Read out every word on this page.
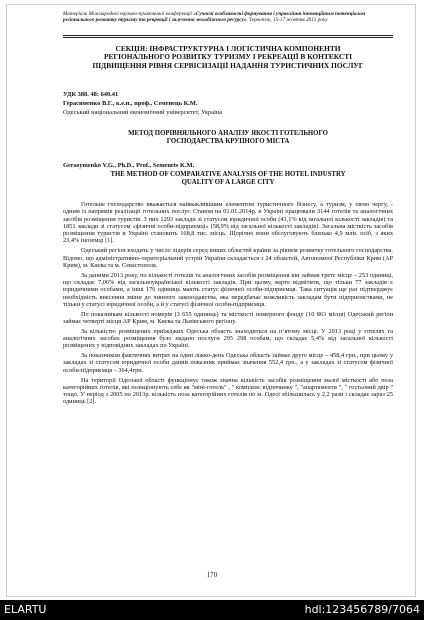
Матеріали Міжнародної науково-практичної конференції «Сучасні особливості формування і управління інноваційним потенціалом регіонального розвитку туризму та рекреації і залучення молодіжного ресурсу». Тернопіль, 15-17 жовтня 2015 року
СЕКЦІЯ: ІНФРАСТРУКТУРНА І ЛОГІСТИЧНА КОМПОНЕНТИ
РЕГІОНАЛЬНОГО РОЗВИТКУ ТУРИЗМУ І РЕКРЕАЦІЇ В КОНТЕКСТІ
ПІДВИЩЕННЯ РІВНЯ СЕРВІСИЗАЦІЇ НАДАННЯ ТУРИСТИЧНИХ ПОСЛУГ
УДК 388. 48: 640.41
Герасименко В.Г., к.е.н., проф., Семенець К.М.
Одеський національний економічний університет, Україна
МЕТОД ПОРІВНЯЛЬНОГО АНАЛІЗУ ЯКОСТІ ГОТЕЛЬНОГО
ГОСПОДАРСТВА КРУПНОГО МІСТА
Gerasymenko V.G., Ph.D., Prof., Semenets K.M.
THE METHOD OF COMPARATIVE ANALYSIS OF THE HOTEL INDUSTRY
QUALITY OF A LARGE CITY

Готельне господарство вважається найважливішим елементом туристичного бізнесу, а туризм, у свою чергу, - одним із напрямів реалізації готельних послуг. Станом на 01.01.2014р. в Україні працювали 3144 готелів та аналогічних засобів розміщення туристів. З них 1293 заклади зі статусом юридичної особи (41,1% від загальної кількості закладів) та 1851 заклади зі статусом «фізичні особи-підприємці» (58,9% від загальної кількості закладів). Загальна місткість засобів розміщення туристів в Україні становить 168,8 тис. місць. Щорічно вони обслуговують близько 4,9 млн. осіб, з яких 23,4% іноземці [1].

Одеський регіон входить у число лідерів серед інших областей країни за рівнем розвитку готельного господарства. Відомо, що адміністративно-територіальний устрій України складається з 24 областей, Автономної Республіки Крим (АР Крим), м. Києва та м. Севастополя.

За даними 2013 року, по кількості готелів та аналогічних засобів розміщення він займав третє місце – 253 одиниці, що складає 7,06% від загальноукраїнської кількості закладів. При цьому, варто відмітити, що тільки 77 закладів є юридичними особами, а інші 176 одиниць мають статус фізичної особи-підприємця. Така ситуація ще раз підтверджує необхідність внесення зміни до чинного законодавства, яка передбачає можливість закладам бути підприємствами, не тільки у статусі юридичної особи, а й у статусі фізичної особи-підприємця.

По показникам кількості номерів (3 655 одиниць) та місткості номерного фонду (10 863 місця) Одеський регіон займає четверті місця АР Крим, м. Києва та Львівського регіону.

За кількістю розміщених приїжджих Одеська область знаходиться на п’ятому місці. У 2013 році у готелях та аналогічних засобах розміщення було надано послуги 295 298 особам, що складає 5,4% від загальної кількості розміщених у відповідних закладах по Україні.

За показником фактичних витрат на один ліжко-день Одеська область займає друге місце – 458,4 грн., при цьому у закладах зі статусом юридичної особи даний показник приймає значення 552,4 грн., а у закладах зі статусом фізичної особи-підприємця – 364,4грн.

На території Одеської області функціонує також значна кількість засобів розміщення малої місткості або поза категорійних готелів, які позиціонують себе як "міні-готель" , " комплекс відпочинку ", "апартаменти ", " гостьовий двір " тощо. У період з 2005 по 2013р. кількість поза категорійних готелів по м. Одесі збільшилась у 2,2 рази і складає зараз 25 одиниць [2].

170
ELARTU	hdl:123456789/7064
